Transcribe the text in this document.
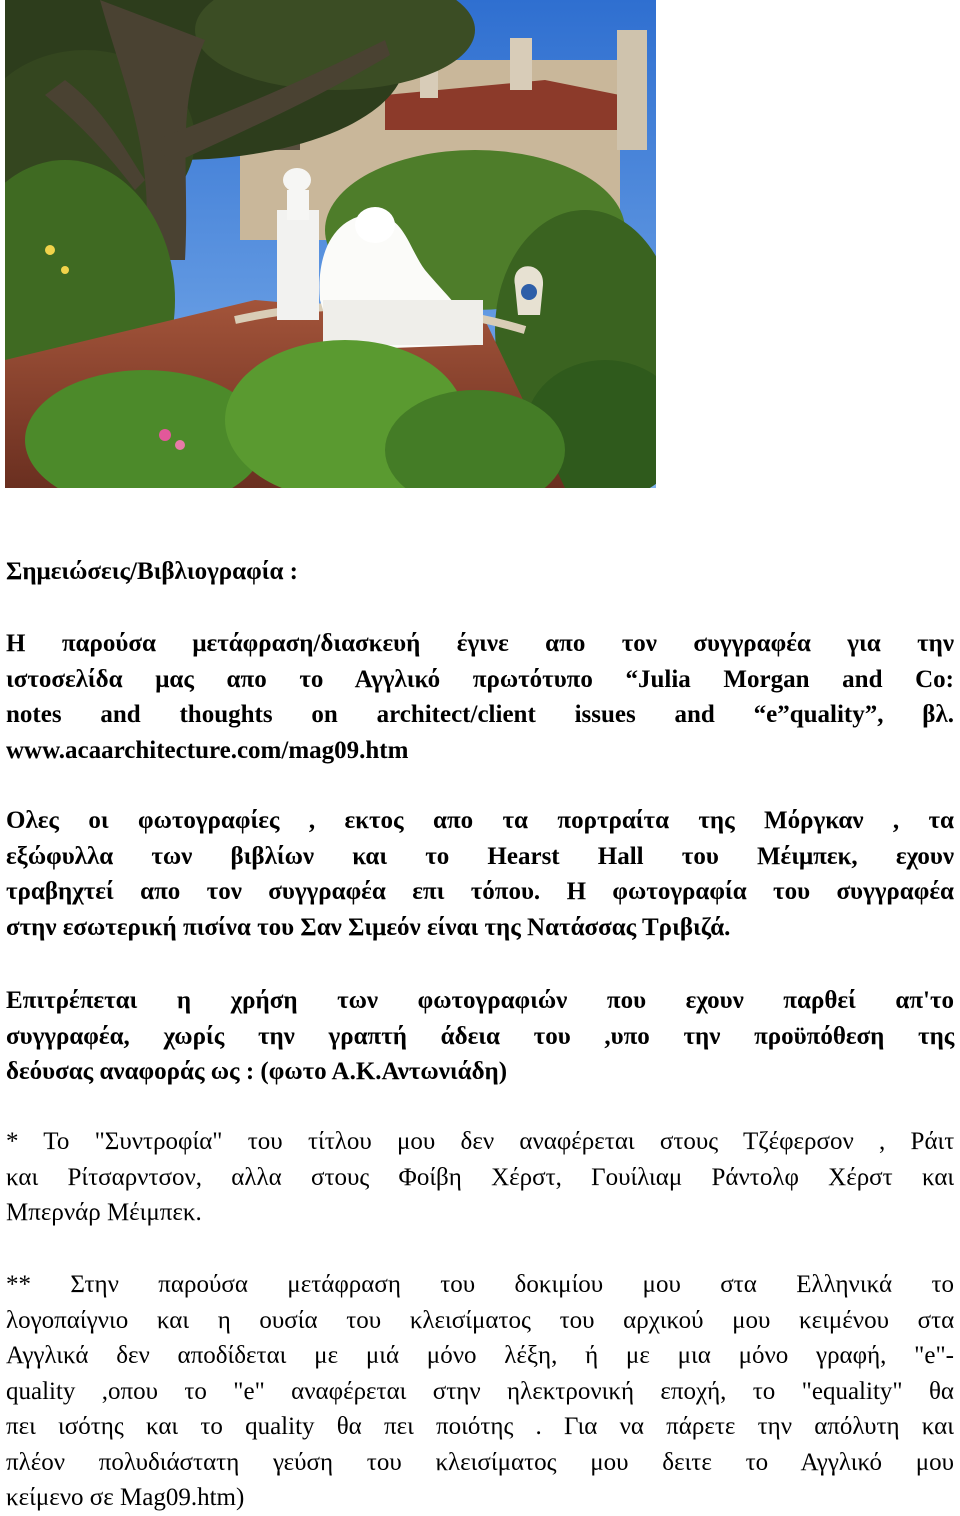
Σημειώσεις/Βιβλιογραφία :
Η παρούσα μετάφραση/διασκευή έγινε απο τον συγγραφέα για την
ιστοσελίδα μας απο το Αγγλικό πρωτότυπο “Julia Morgan and Co:
notes and thoughts on architect/client issues and “e”quality”, βλ.
www.acaarchitecture.com/mag09.htm
Ολες οι φωτογραφίες , εκτος απο τα πορτραίτα της Μόργκαν , τα
εξώφυλλα των βιβλίων και το Hearst Hall του Μέιμπεκ, εχουν
τραβηχτεί απο τον συγγραφέα επι τόπου. Η φωτογραφία του συγγραφέα
στην εσωτερική πισίνα του Σαν Σιμεόν είναι της Νατάσσας Τριβιζά.
Επιτρέπεται η χρήση των φωτογραφιών που εχουν παρθεί απ'το
συγγραφέα, χωρίς την γραπτή άδεια του ,υπο την προϋπόθεση της
δεόυσας αναφοράς ως : (φωτο Α.Κ.Αντωνιάδη)
* Το "Συντροφία" του τίτλου μου δεν αναφέρεται στους Τζέφερσον , Ράιτ
και Ρίτσαρντσον, αλλα στους Φοίβη Χέρστ, Γουίλιαμ Ράντολφ Χέρστ και
Μπερνάρ Μέιμπεκ.
** Στην παρούσα μετάφραση του δοκιμίου μου στα Ελληνικά το
λογοπαίγνιο και η ουσία του κλεισίματος του αρχικού μου κειμένου στα
Αγγλικά δεν αποδίδεται με μιά μόνο λέξη, ή με μια μόνο γραφή, "e"-
quality ,οπου το "e" αναφέρεται στην ηλεκτρονική εποχή, το "equality" θα
πει ισότης και το quality θα πει ποιότης . Για να πάρετε την απόλυτη και
πλέον πολυδιάστατη γεύση του κλεισίματος μου δειτε το Αγγλικό μου
κείμενο σε Mag09.htm)
